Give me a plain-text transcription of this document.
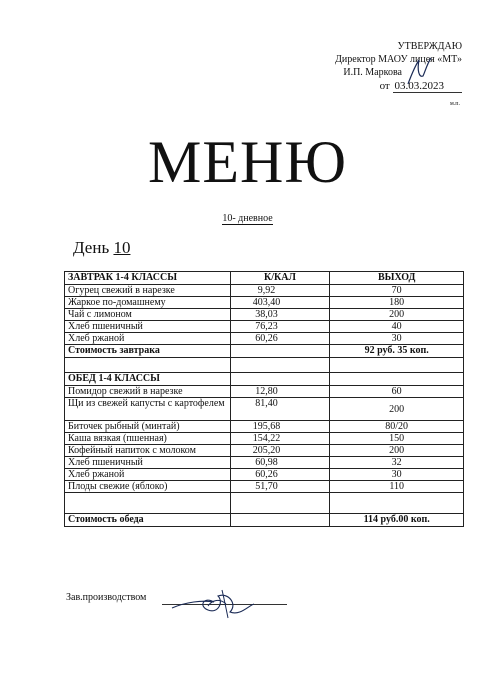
УТВЕРЖДАЮ
Директор МАОУ лицея «МТ»
И.П. Маркова
от 03.03.2023
м.п.
МЕНЮ
10- дневное
День 10
ЗАВТРАК 1-4 КЛАССЫ	К/КАЛ	ВЫХОД
Огурец свежий в нарезке	9,92	70
Жаркое по-домашнему	403,40	180
Чай с лимоном	38,03	200
Хлеб пшеничный	76,23	40
Хлеб ржаной	60,26	30
Стоимость завтрака		92 руб. 35 коп.

ОБЕД 1-4 КЛАССЫ		
Помидор свежий в нарезке	12,80	60
Щи из свежей капусты с картофелем	81,40	200
Биточек рыбный (минтай)	195,68	80/20
Каша вязкая (пшенная)	154,22	150
Кофейный напиток с молоком	205,20	200
Хлеб пшеничный	60,98	32
Хлеб ржаной	60,26	30
Плоды свежие (яблоко)	51,70	110

Стоимость обеда		114 руб.00 коп.
Зав.производством
